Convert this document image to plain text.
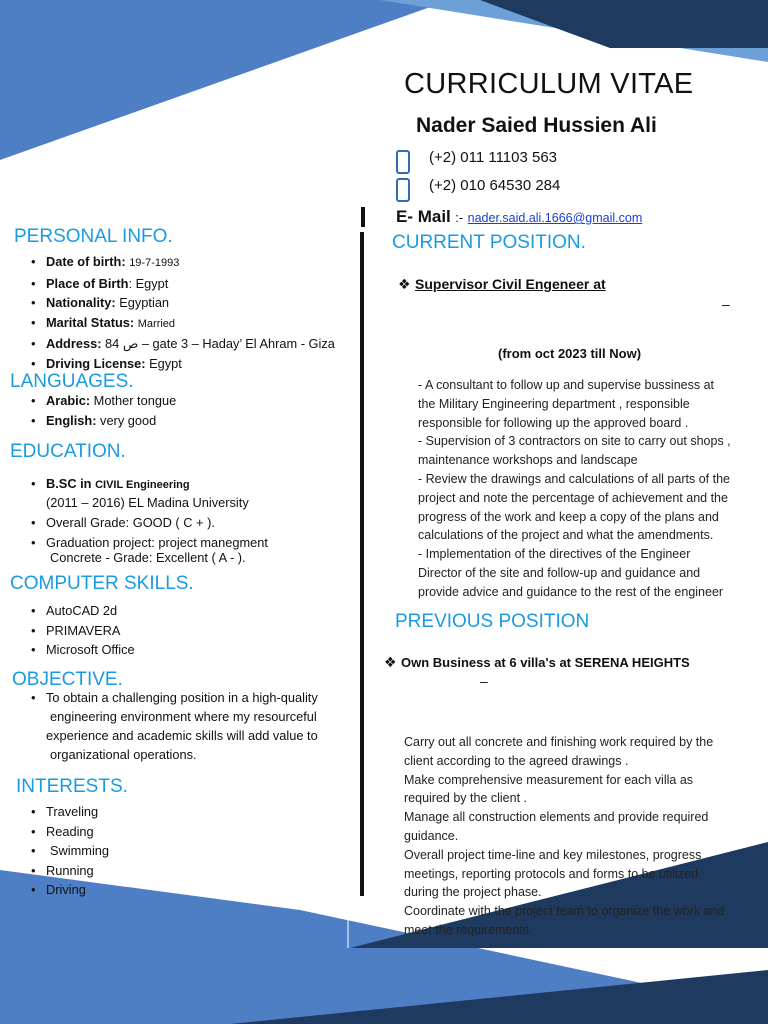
CURRICULUM VITAE
Nader Saied Hussien Ali
(+2) 011 11103 563
(+2) 010 64530 284
E- Mail :- nader.said.ali.1666@gmail.com
PERSONAL INFO.
• Date of birth: 19-7-1993
• Place of Birth: Egypt
• Nationality: Egyptian
• Marital Status: Married
• Address: 84 ص – gate 3 – Haday’ El Ahram - Giza
• Driving License: Egypt
LANGUAGES.
• Arabic: Mother tongue
• English: very good
EDUCATION.
• B.SC in CIVIL Engineering
(2011 – 2016) EL Madina University
• Overall Grade: GOOD ( C + ).
• Graduation project: project manegment
Concrete - Grade: Excellent ( A - ).
COMPUTER SKILLS.
• AutoCAD 2d
• PRIMAVERA
• Microsoft Office
OBJECTIVE.
• To obtain a challenging position in a high-quality
engineering environment where my resourceful
experience and academic skills will add value to
organizational operations.
INTERESTS.
• Traveling
• Reading
• Swimming
• Running
• Driving
CURRENT POSITION.
❖ Supervisor Civil Engeneer at
–
(from oct 2023 till Now)
- A consultant to follow up and supervise bussiness at
the Military Engineering department , responsible
responsible for following up the approved board .
- Supervision of 3 contractors on site to carry out shops ,
maintenance workshops and landscape
- Review the drawings and calculations of all parts of the
project and note the percentage of achievement and the
progress of the work and keep a copy of the plans and
calculations of the project and what the amendments.
- Implementation of the directives of the Engineer
Director of the site and follow-up and guidance and
provide advice and guidance to the rest of the engineer
PREVIOUS POSITION
❖ Own Business at 6 villa's at SERENA HEIGHTS
–
Carry out all concrete and finishing work required by the
client according to the agreed drawings .
Make comprehensive measurement for each villa as
required by the client .
Manage all construction elements and provide required
guidance.
Overall project time-line and key milestones, progress
meetings, reporting protocols and forms to be utilized
during the project phase.
Coordinate with the project team to organize the work and
meet the requirements.
